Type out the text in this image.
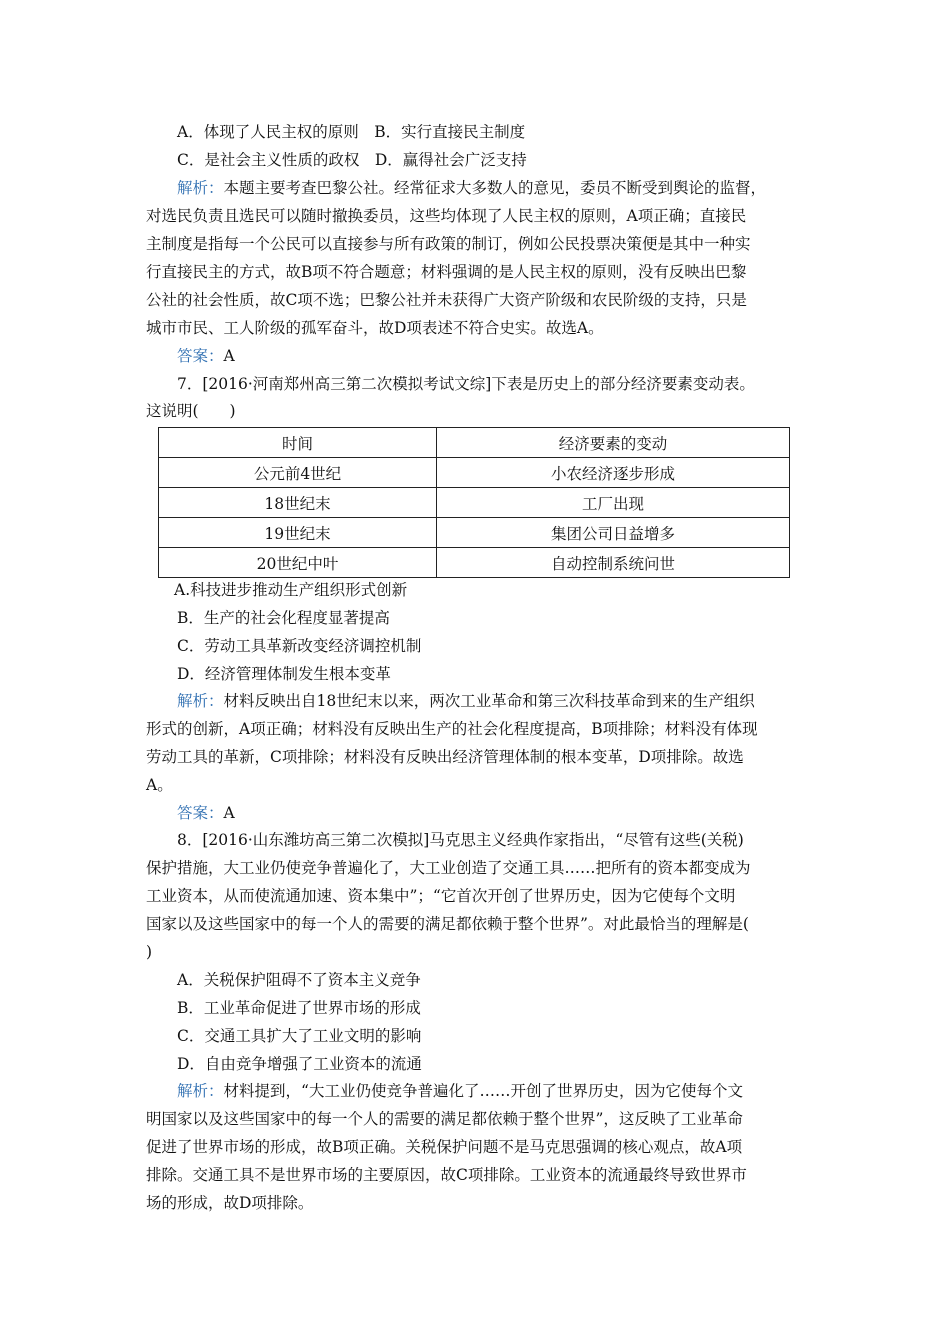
A．体现了人民主权的原则　B．实行直接民主制度
C．是社会主义性质的政权　D．赢得社会广泛支持
解析：本题主要考查巴黎公社。经常征求大多数人的意见，委员不断受到舆论的监督，
对选民负责且选民可以随时撤换委员，这些均体现了人民主权的原则，A项正确；直接民
主制度是指每一个公民可以直接参与所有政策的制订，例如公民投票决策便是其中一种实
行直接民主的方式，故B项不符合题意；材料强调的是人民主权的原则，没有反映出巴黎
公社的社会性质，故C项不选；巴黎公社并未获得广大资产阶级和农民阶级的支持，只是
城市市民、工人阶级的孤军奋斗，故D项表述不符合史实。故选A。
答案：A
7．[2016·河南郑州高三第二次模拟考试文综]下表是历史上的部分经济要素变动表。
这说明(　　)
时间	经济要素的变动
公元前4世纪	小农经济逐步形成
18世纪末	工厂出现
19世纪末	集团公司日益增多
20世纪中叶	自动控制系统问世
A.科技进步推动生产组织形式创新
B．生产的社会化程度显著提高
C．劳动工具革新改变经济调控机制
D．经济管理体制发生根本变革
解析：材料反映出自18世纪末以来，两次工业革命和第三次科技革命到来的生产组织
形式的创新，A项正确；材料没有反映出生产的社会化程度提高，B项排除；材料没有体现
劳动工具的革新，C项排除；材料没有反映出经济管理体制的根本变革，D项排除。故选
A。
答案：A
8．[2016·山东潍坊高三第二次模拟]马克思主义经典作家指出，“尽管有这些(关税)
保护措施，大工业仍使竞争普遍化了，大工业创造了交通工具……把所有的资本都变成为
工业资本，从而使流通加速、资本集中”；“它首次开创了世界历史，因为它使每个文明
国家以及这些国家中的每一个人的需要的满足都依赖于整个世界”。对此最恰当的理解是(
)
A．关税保护阻碍不了资本主义竞争
B．工业革命促进了世界市场的形成
C．交通工具扩大了工业文明的影响
D．自由竞争增强了工业资本的流通
解析：材料提到，“大工业仍使竞争普遍化了……开创了世界历史，因为它使每个文
明国家以及这些国家中的每一个人的需要的满足都依赖于整个世界”，这反映了工业革命
促进了世界市场的形成，故B项正确。关税保护问题不是马克思强调的核心观点，故A项
排除。交通工具不是世界市场的主要原因，故C项排除。工业资本的流通最终导致世界市
场的形成，故D项排除。
